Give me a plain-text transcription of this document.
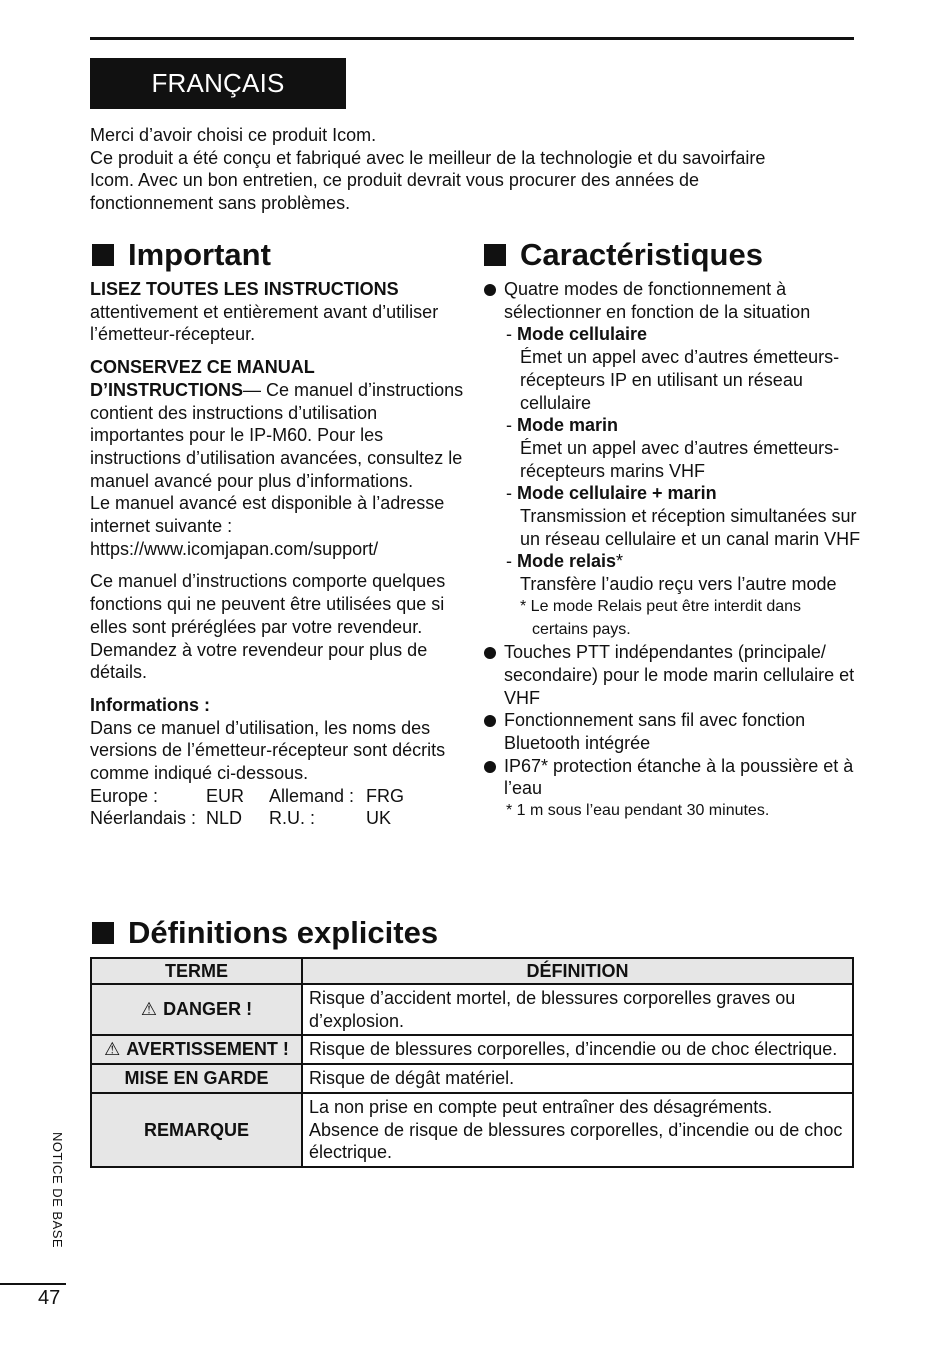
FRANÇAIS

Merci d’avoir choisi ce produit Icom.
Ce produit a été conçu et fabriqué avec le meilleur de la technologie et du savoirfaire
Icom. Avec un bon entretien, ce produit devrait vous procurer des années de
fonctionnement sans problèmes.

Important

LISEZ TOUTES LES INSTRUCTIONS
attentivement et entièrement avant d’utiliser l’émetteur-récepteur.

CONSERVEZ CE MANUAL D’INSTRUCTIONS— Ce manuel d’instructions contient des instructions d’utilisation importantes pour le IP-M60. Pour les instructions d’utilisation avancées, consultez le manuel avancé pour plus d’informations.
Le manuel avancé est disponible à l’adresse internet suivante :
https://www.icomjapan.com/support/

Ce manuel d’instructions comporte quelques fonctions qui ne peuvent être utilisées que si elles sont préréglées par votre revendeur. Demandez à votre revendeur pour plus de détails.

Informations :
Dans ce manuel d’utilisation, les noms des versions de l’émetteur-récepteur sont décrits comme indiqué ci-dessous.

Europe :	EUR	Allemand : FRG
Néerlandais : NLD	R.U. :	UK
Caractéristiques
Quatre modes de fonctionnement à sélectionner en fonction de la situation
- Mode cellulaire
Émet un appel avec d’autres émetteurs-récepteurs IP en utilisant un réseau cellulaire
- Mode marin
Émet un appel avec d’autres émetteurs-récepteurs marins VHF
- Mode cellulaire + marin
Transmission et réception simultanées sur un réseau cellulaire et un canal marin VHF
- Mode relais*
Transfère l’audio reçu vers l’autre mode
* Le mode Relais peut être interdit dans
certains pays.
Touches PTT indépendantes (principale/ secondaire) pour le mode marin cellulaire et VHF
Fonctionnement sans fil avec fonction Bluetooth intégrée
IP67* protection étanche à la poussière et à l’eau
* 1 m sous l’eau pendant 30 minutes.
Définitions explicites
TERME	DÉFINITION
⚠ DANGER !	Risque d’accident mortel, de blessures corporelles graves ou d’explosion.
⚠ AVERTISSEMENT !	Risque de blessures corporelles, d’incendie ou de choc électrique.
MISE EN GARDE	Risque de dégât matériel.
REMARQUE	La non prise en compte peut entraîner des désagréments. Absence de risque de blessures corporelles, d’incendie ou de choc électrique.
NOTICE DE BASE
47
